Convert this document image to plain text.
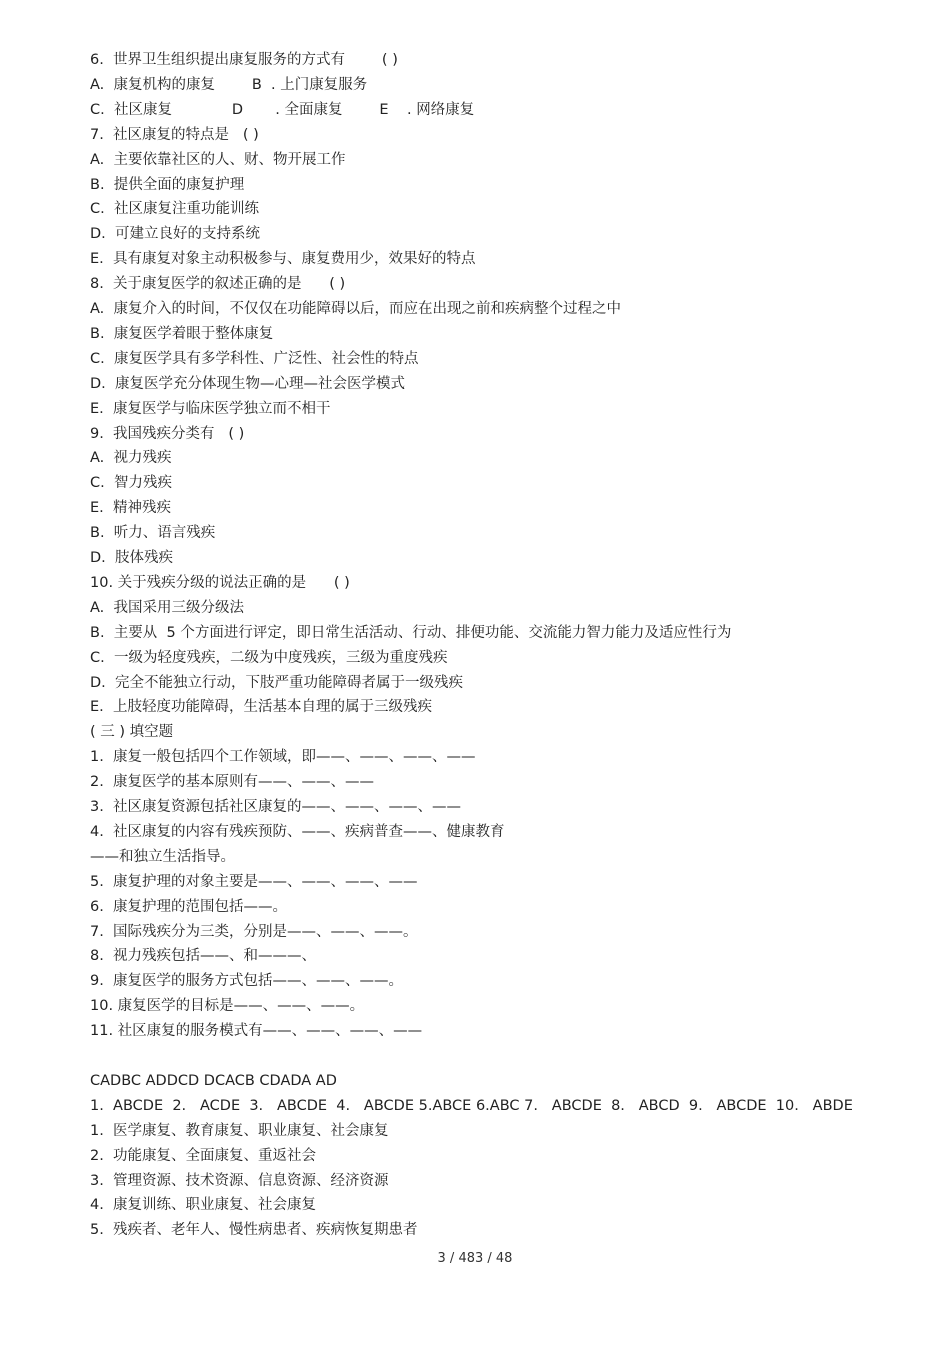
6.  世界卫生组织提出康复服务的方式有        ( )
A.  康复机构的康复        B  . 上门康复服务
C.  社区康复             D       . 全面康复        E    . 网络康复
7.  社区康复的特点是   ( )
A.  主要依靠社区的人、财、物开展工作
B.  提供全面的康复护理
C.  社区康复注重功能训练
D.  可建立良好的支持系统
E.  具有康复对象主动积极参与、康复费用少，效果好的特点
8.  关于康复医学的叙述正确的是      ( )
A.  康复介入的时间，不仅仅在功能障碍以后，而应在出现之前和疾病整个过程之中
B.  康复医学着眼于整体康复
C.  康复医学具有多学科性、广泛性、社会性的特点
D.  康复医学充分体现生物—心理—社会医学模式
E.  康复医学与临床医学独立而不相干
9.  我国残疾分类有   ( )
A.  视力残疾
C.  智力残疾
E.  精神残疾
B.  听力、语言残疾
D.  肢体残疾
10. 关于残疾分级的说法正确的是      ( )
A.  我国采用三级分级法
B.  主要从  5 个方面进行评定，即日常生活活动、行动、排便功能、交流能力智力能力及适应性行为
C.  一级为轻度残疾，二级为中度残疾，三级为重度残疾
D.  完全不能独立行动，下肢严重功能障碍者属于一级残疾
E.  上肢轻度功能障碍，生活基本自理的属于三级残疾
( 三 ) 填空题
1.  康复一般包括四个工作领域，即——、——、——、——
2.  康复医学的基本原则有——、——、——
3.  社区康复资源包括社区康复的——、——、——、——
4.  社区康复的内容有残疾预防、——、疾病普查——、健康教育
——和独立生活指导。
5.  康复护理的对象主要是——、——、——、——
6.  康复护理的范围包括——。
7.  国际残疾分为三类，分别是——、——、——。
8.  视力残疾包括——、和———、
9.  康复医学的服务方式包括——、——、——。
10. 康复医学的目标是——、——、——。
11. 社区康复的服务模式有——、——、——、——
CADBC ADDCD DCACB CDADA AD
1.  ABCDE  2.   ACDE  3.   ABCDE  4.   ABCDE 5.ABCE 6.ABC 7.   ABCDE  8.   ABCD  9.   ABCDE  10.   ABDE
1.  医学康复、教育康复、职业康复、社会康复
2.  功能康复、全面康复、重返社会
3.  管理资源、技术资源、信息资源、经济资源
4.  康复训练、职业康复、社会康复
5.  残疾者、老年人、慢性病患者、疾病恢复期患者
3 / 483 / 48
